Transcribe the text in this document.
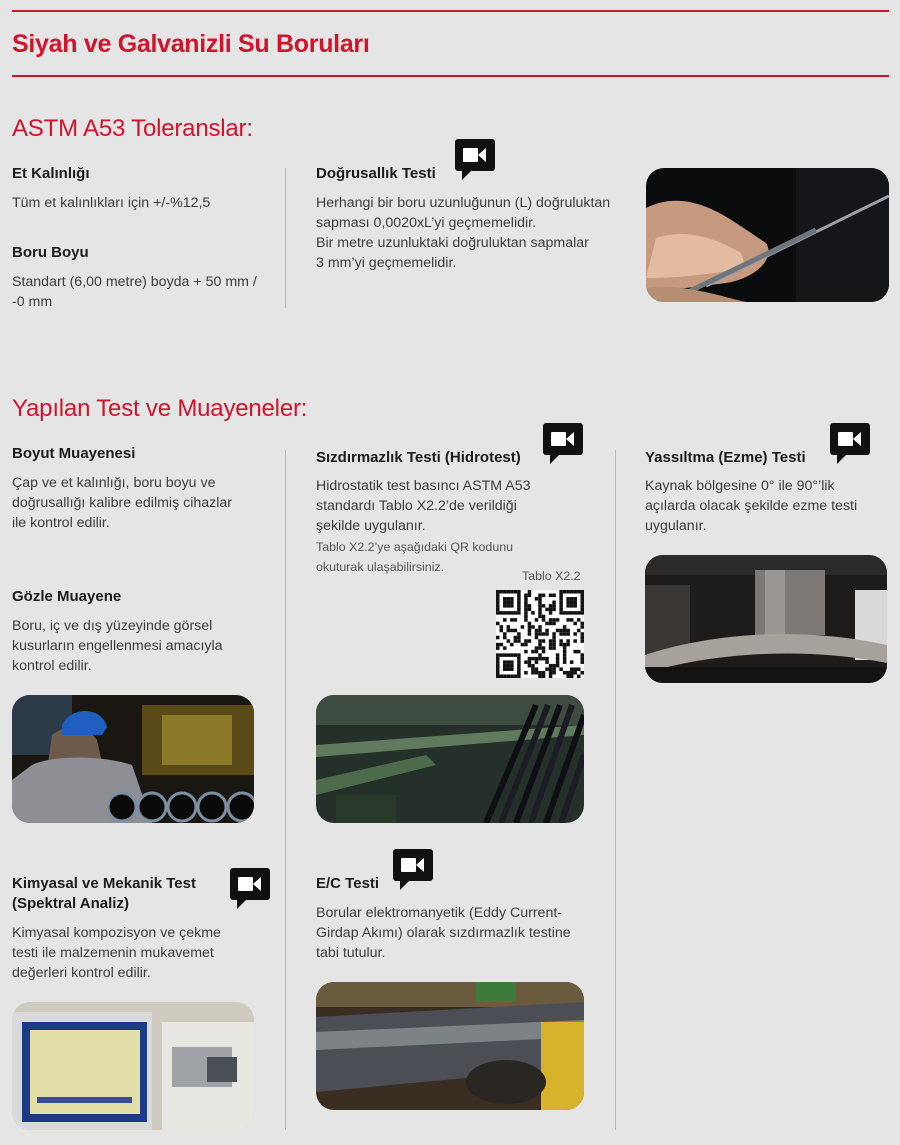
Siyah ve Galvanizli Su Boruları
ASTM A53 Toleranslar:
Et Kalınlığı
Tüm et kalınlıkları için +/-%12,5
Boru Boyu
Standart (6,00 metre) boyda + 50 mm /
-0 mm
Doğrusallık Testi
Herhangi bir boru uzunluğunun (L) doğruluktan
sapması 0,0020xL’yi geçmemelidir.
Bir metre uzunluktaki doğruluktan sapmalar
3 mm’yi geçmemelidir.
Yapılan Test ve Muayeneler:
Boyut Muayenesi
Çap ve et kalınlığı, boru boyu ve
doğrusallığı kalibre edilmiş cihazlar
ile kontrol edilir.
Gözle Muayene
Boru, iç ve dış yüzeyinde görsel
kusurların engellenmesi amacıyla
kontrol edilir.
Kimyasal ve Mekanik Test
(Spektral Analiz)
Kimyasal kompozisyon ve çekme
testi ile malzemenin mukavemet
değerleri kontrol edilir.
Sızdırmazlık Testi (Hidrotest)
Hidrostatik test basıncı ASTM A53
standardı Tablo X2.2’de verildiği
şekilde uygulanır.
Tablo X2.2’ye aşağıdaki QR kodunu
okuturak ulaşabilirsiniz.
Tablo X2.2
E/C Testi
Borular elektromanyetik (Eddy Current-
Girdap Akımı) olarak sızdırmazlık testine
tabi tutulur.
Yassıltma (Ezme) Testi
Kaynak bölgesine 0° ile 90°’lik
açılarda olacak şekilde ezme testi
uygulanır.
